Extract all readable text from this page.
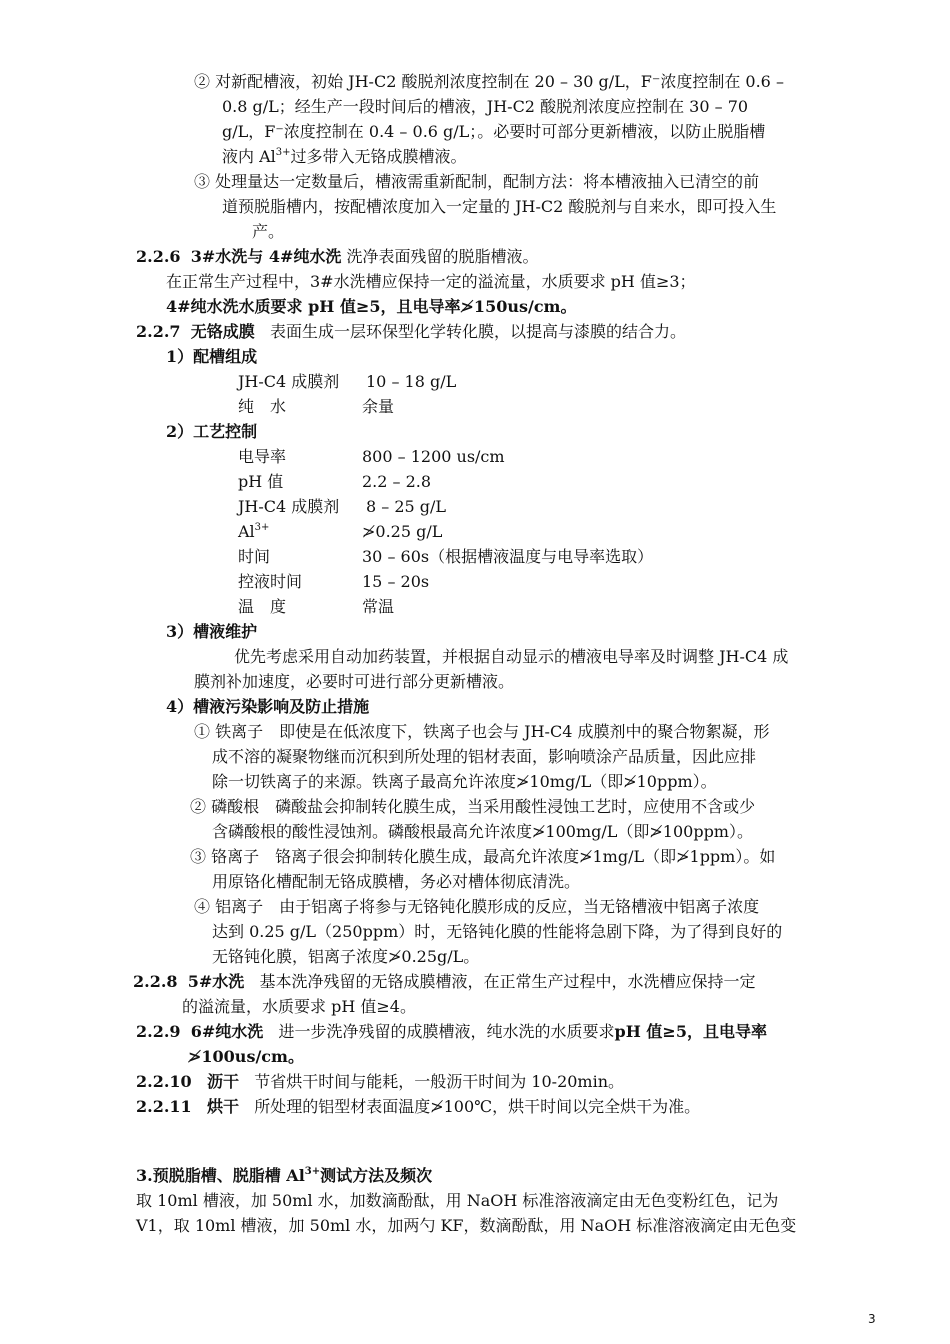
② 对新配槽液，初始 JH-C2 酸脱剂浓度控制在 20 – 30 g/L，F⁻浓度控制在 0.6 –
0.8 g/L；经生产一段时间后的槽液，JH-C2 酸脱剂浓度应控制在 30 – 70
g/L，F⁻浓度控制在 0.4 – 0.6 g/L；。必要时可部分更新槽液，以防止脱脂槽
液内 $Al^{3+}$过多带入无铬成膜槽液。
③ 处理量达一定数量后，槽液需重新配制，配制方法：将本槽液抽入已清空的前
道预脱脂槽内，按配槽浓度加入一定量的 JH-C2 酸脱剂与自来水，即可投入生
产。
2.2.6 3#水洗与 4#纯水洗 洗净表面残留的脱脂槽液。
在正常生产过程中，3#水洗槽应保持一定的溢流量，水质要求 pH 值≥3；
4#纯水洗水质要求 pH 值≥5，且电导率≯150us/cm。
2.2.7 无铬成膜 表面生成一层环保型化学转化膜，以提高与漆膜的结合力。
1）配槽组成
JH-C4 成膜剂 10 – 18 g/L
纯　水	余量
2）工艺控制
电导率	800 – 1200 us/cm
pH 值	2.2 – 2.8
JH-C4 成膜剂 8 – 25 g/L
$Al^{3+}$	≯0.25 g/L
时间	30 – 60s（根据槽液温度与电导率选取）
控液时间	15 – 20s
温　度	常温
3）槽液维护
优先考虑采用自动加药装置，并根据自动显示的槽液电导率及时调整 JH-C4 成
膜剂补加速度，必要时可进行部分更新槽液。
4）槽液污染影响及防止措施
① 铁离子　即使是在低浓度下，铁离子也会与 JH-C4 成膜剂中的聚合物絮凝，形
成不溶的凝聚物继而沉积到所处理的铝材表面，影响喷涂产品质量，因此应排
除一切铁离子的来源。铁离子最高允许浓度≯10mg/L（即≯10ppm）。
② 磷酸根　磷酸盐会抑制转化膜生成，当采用酸性浸蚀工艺时，应使用不含或少
含磷酸根的酸性浸蚀剂。磷酸根最高允许浓度≯100mg/L（即≯100ppm）。
③ 铬离子　铬离子很会抑制转化膜生成，最高允许浓度≯1mg/L（即≯1ppm）。如
用原铬化槽配制无铬成膜槽，务必对槽体彻底清洗。
④ 铝离子　由于铝离子将参与无铬钝化膜形成的反应，当无铬槽液中铝离子浓度
达到 0.25 g/L（250ppm）时，无铬钝化膜的性能将急剧下降，为了得到良好的
无铬钝化膜，铝离子浓度≯0.25g/L。
2.2.8 5#水洗 基本洗净残留的无铬成膜槽液，在正常生产过程中，水洗槽应保持一定
的溢流量，水质要求 pH 值≥4。
2.2.9 6#纯水洗 进一步洗净残留的成膜槽液，纯水洗的水质要求pH 值≥5，且电导率
≯100us/cm。
2.2.10 沥干 节省烘干时间与能耗，一般沥干时间为 10-20min。
2.2.11 烘干 所处理的铝型材表面温度≯100℃，烘干时间以完全烘干为准。
3.预脱脂槽、脱脂槽 $Al^{3+}$测试方法及频次
取 10ml 槽液，加 50ml 水，加数滴酚酞，用 NaOH 标准溶液滴定由无色变粉红色，记为
V1，取 10ml 槽液，加 50ml 水，加两勺 KF，数滴酚酞，用 NaOH 标准溶液滴定由无色变
3
